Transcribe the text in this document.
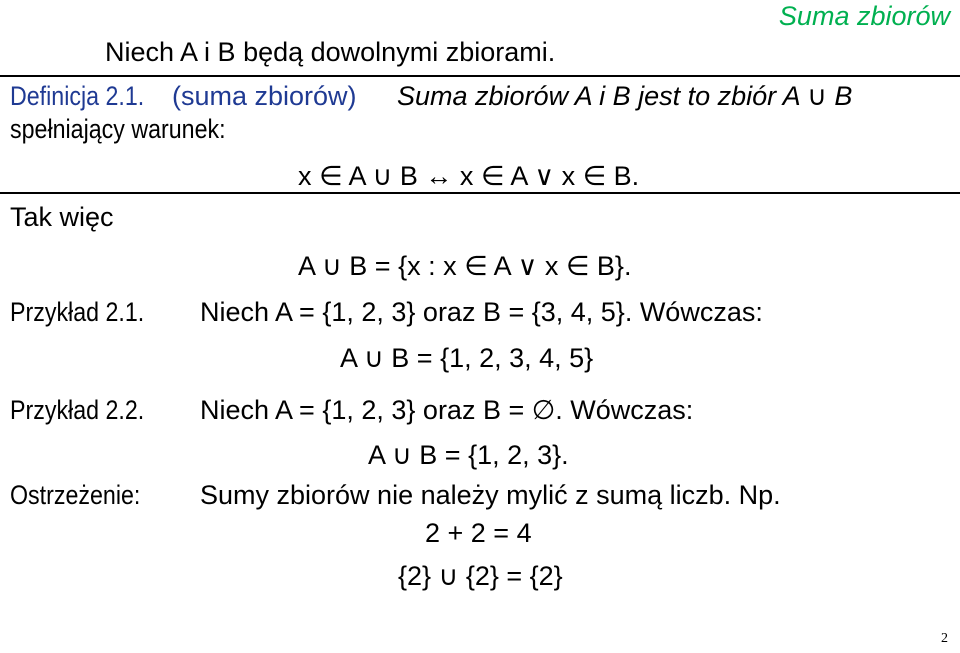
Suma zbiorów
Niech A i B będą dowolnymi zbiorami.
Definicja 2.1. (suma zbiorów) Suma zbiorów A i B jest to zbiór A ∪ B
spełniający warunek:
x ∈ A ∪ B ↔ x ∈ A ∨ x ∈ B.
Tak więc
A ∪ B = {x : x ∈ A ∨ x ∈ B}.
Przykład 2.1. Niech A = {1, 2, 3} oraz B = {3, 4, 5}. Wówczas:
A ∪ B = {1, 2, 3, 4, 5}
Przykład 2.2. Niech A = {1, 2, 3} oraz B = ∅. Wówczas:
A ∪ B = {1, 2, 3}.
Ostrzeżenie: Sumy zbiorów nie należy mylić z sumą liczb. Np.
2 + 2 = 4
{2} ∪ {2} = {2}
2
